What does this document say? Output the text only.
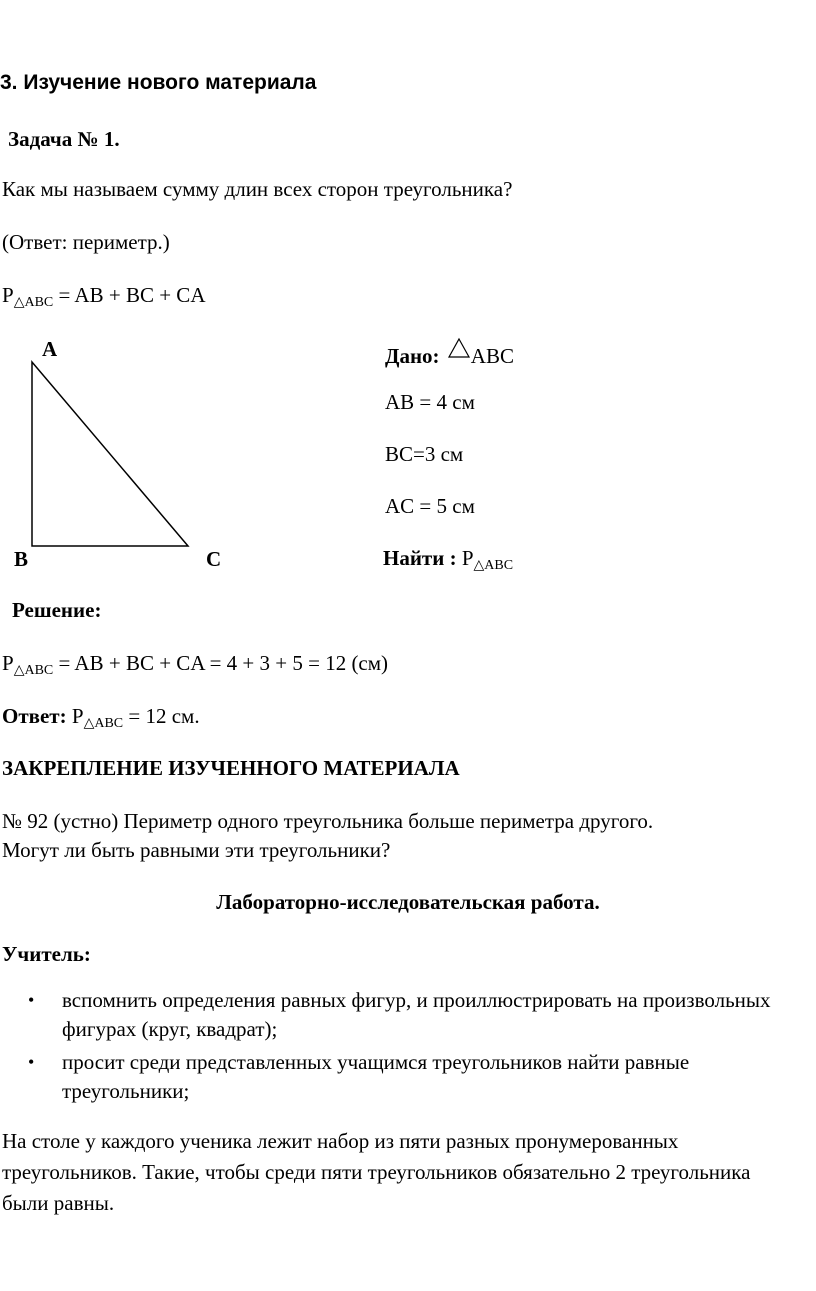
3. Изучение нового материала
Задача № 1.
Как мы называем сумму длин всех сторон треугольника?
(Ответ: периметр.)
$P_{\triangle ABC}$ = AB + BC + CA
A
B	C
Дано: ABC
AB = 4 см
BC=3 см
AC = 5 см
Найти : $P_{\triangle ABC}$
Решение:
$P_{\triangle ABC}$ = AB + BC + CA = 4 + 3 + 5 = 12 (см)
Ответ: $P_{\triangle ABC} = 12$ см.
ЗАКРЕПЛЕНИЕ ИЗУЧЕННОГО МАТЕРИАЛА
№ 92 (устно) Периметр одного треугольника больше периметра другого.
Могут ли быть равными эти треугольники?
Лабораторно-исследовательская работа.
Учитель:
• вспомнить определения равных фигур, и проиллюстрировать на произвольных фигурах (круг, квадрат);
• просит среди представленных учащимся треугольников найти равные треугольники;
На столе у каждого ученика лежит набор из пяти разных пронумерованных треугольников. Такие, чтобы среди пяти треугольников обязательно 2 треугольника были равны.
